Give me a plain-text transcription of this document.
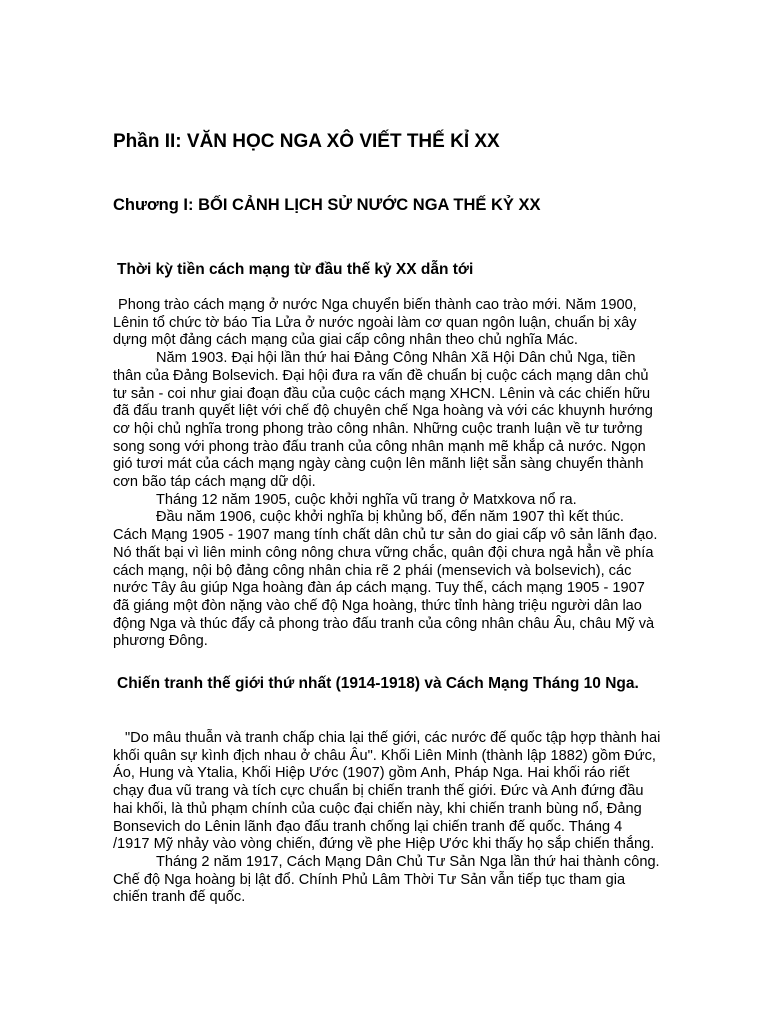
Phần II: VĂN HỌC NGA XÔ VIẾT THẾ KỈ XX
Chương I: BỐI CẢNH LỊCH SỬ NƯỚC NGA THẾ KỶ XX
Thời kỳ tiền cách mạng từ đầu thế kỷ XX dẫn tới

Phong trào cách mạng ở nước Nga chuyển biến thành cao trào mới. Năm 1900, Lênin tổ chức tờ báo Tia Lửa ở nước ngoài làm cơ quan ngôn luận, chuẩn bị xây dựng một đảng cách mạng của giai cấp công nhân theo chủ nghĩa Mác.

Năm 1903. Đại hội lần thứ hai Đảng Công Nhân Xã Hội Dân chủ Nga, tiền thân của Đảng Bolsevich. Đại hội đưa ra vấn đề chuẩn bị cuộc cách mạng dân chủ tư sản - coi như giai đoạn đầu của cuộc cách mạng XHCN. Lênin và các chiến hữu đã đấu tranh quyết liệt với chế độ chuyên chế Nga hoàng và với các khuynh hướng cơ hội chủ nghĩa trong phong trào công nhân. Những cuộc tranh luận về tư tưởng song song với phong trào đấu tranh của công nhân mạnh mẽ khắp cả nước. Ngọn gió tươi mát của cách mạng ngày càng cuộn lên mãnh liệt sẵn sàng chuyển thành cơn bão táp cách mạng dữ dội.

Tháng 12 năm 1905, cuộc khởi nghĩa vũ trang ở Matxkova nổ ra.

Đầu năm 1906, cuộc khởi nghĩa bị khủng bố, đến năm 1907 thì kết thúc. Cách Mạng 1905 - 1907 mang tính chất dân chủ tư sản do giai cấp vô sản lãnh đạo. Nó thất bại vì liên minh công nông chưa vững chắc, quân đội chưa ngả hẳn về phía cách mạng, nội bộ đảng công nhân chia rẽ 2 phái (mensevich và bolsevich), các nước Tây âu giúp Nga hoàng đàn áp cách mạng. Tuy thế, cách mạng 1905 - 1907 đã giáng một đòn nặng vào chế độ Nga hoàng, thức tỉnh hàng triệu người dân lao động Nga và thúc đẩy cả phong trào đấu tranh của công nhân châu Âu, châu Mỹ và phương Đông.

Chiến tranh thế giới thứ nhất (1914-1918) và Cách Mạng Tháng 10 Nga.

"Do mâu thuẫn và tranh chấp chia lại thế giới, các nước đế quốc tập hợp thành hai khối quân sự kình địch nhau ở châu Âu". Khối Liên Minh (thành lập 1882) gồm Đức, Áo, Hung và Ytalia, Khối Hiệp Ước (1907) gồm Anh, Pháp Nga. Hai khối ráo riết chạy đua vũ trang và tích cực chuẩn bị chiến tranh thế giới. Đức và Anh đứng đầu hai khối, là thủ phạm chính của cuộc đại chiến này, khi chiến tranh bùng nổ, Đảng Bonsevich do Lênin lãnh đạo đấu tranh chống lại chiến tranh đế quốc. Tháng 4 /1917 Mỹ nhảy vào vòng chiến, đứng về phe Hiệp Ước khi thấy họ sắp chiến thắng.

Tháng 2 năm 1917, Cách Mạng Dân Chủ Tư Sản Nga lần thứ hai thành công. Chế độ Nga hoàng bị lật đổ. Chính Phủ Lâm Thời Tư Sản vẫn tiếp tục tham gia chiến tranh đế quốc.
